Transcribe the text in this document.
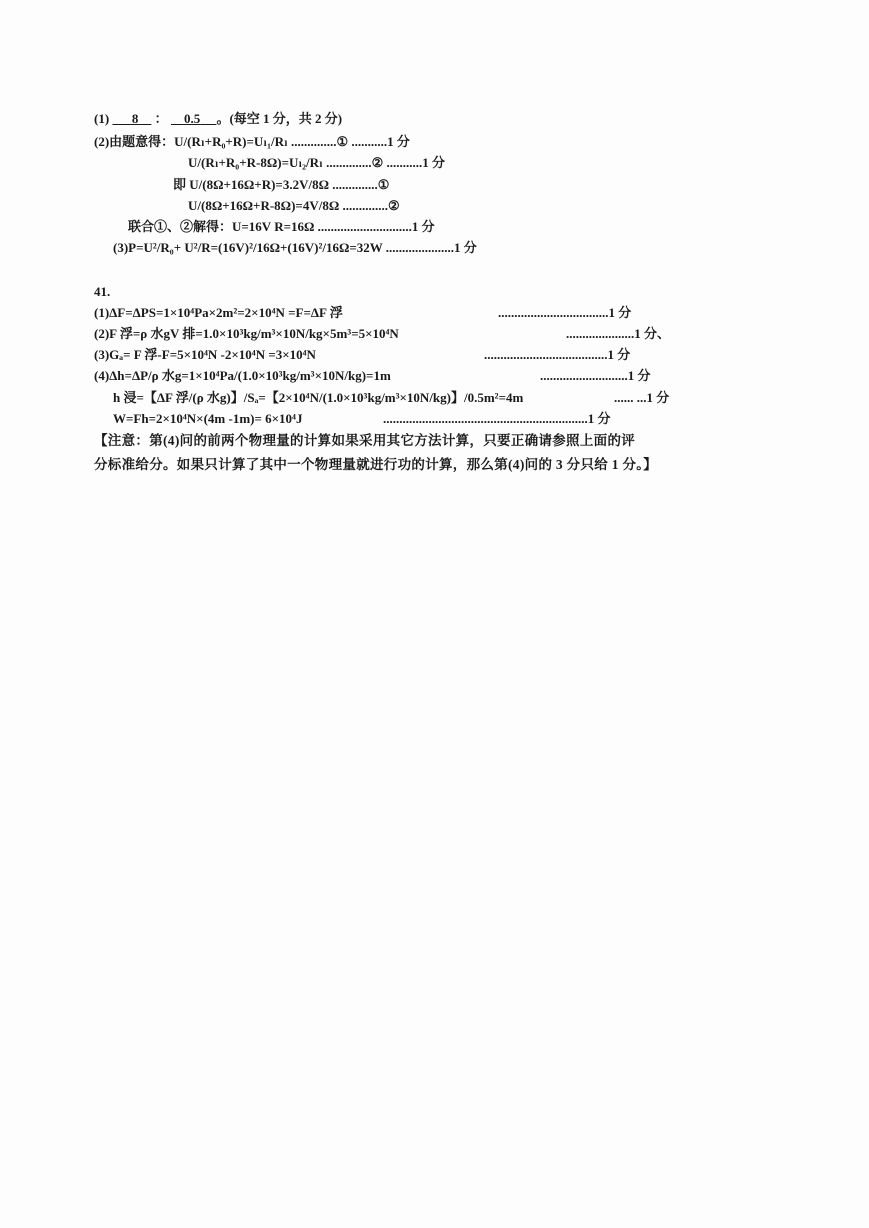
(1) 8     ：     0.5 。(每空 1 分，共 2 分)
(2)由题意得：U/(Rₗ+R₀+R)=Uₗ₁/Rₗ ..............① ...........1 分
U/(Rₗ+R₀+R-8Ω)=Uₗ₂/Rₗ ..............② ...........1 分
即 U/(8Ω+16Ω+R)=3.2V/8Ω ..............①
U/(8Ω+16Ω+R-8Ω)=4V/8Ω ..............②
联合①、②解得：U=16V R=16Ω .............................1 分
(3)P=U²/R₀+ U²/R=(16V)²/16Ω+(16V)²/16Ω=32W .....................1 分
41.
(1)ΔF=ΔPS=1×10⁴Pa×2m²=2×10⁴N =F=ΔF 浮	..................................1 分
(2)F 浮=ρ 水gV 排=1.0×10³kg/m³×10N/kg×5m³=5×10⁴N	.....................1 分、
(3)Gₐ= F 浮-F=5×10⁴N -2×10⁴N =3×10⁴N	......................................1 分
(4)Δh=ΔP/ρ 水g=1×10⁴Pa/(1.0×10³kg/m³×10N/kg)=1m	...........................1 分
h 浸=【ΔF 浮/(ρ 水g)】/Sₐ=【2×10⁴N/(1.0×10³kg/m³×10N/kg)】/0.5m²=4m	...... ...1 分
W=Fh=2×10⁴N×(4m -1m)= 6×10⁴J	...............................................................1 分
【注意：第(4)问的前两个物理量的计算如果采用其它方法计算，只要正确请参照上面的评
分标准给分。如果只计算了其中一个物理量就进行功的计算，那么第(4)问的 3 分只给 1 分。】
